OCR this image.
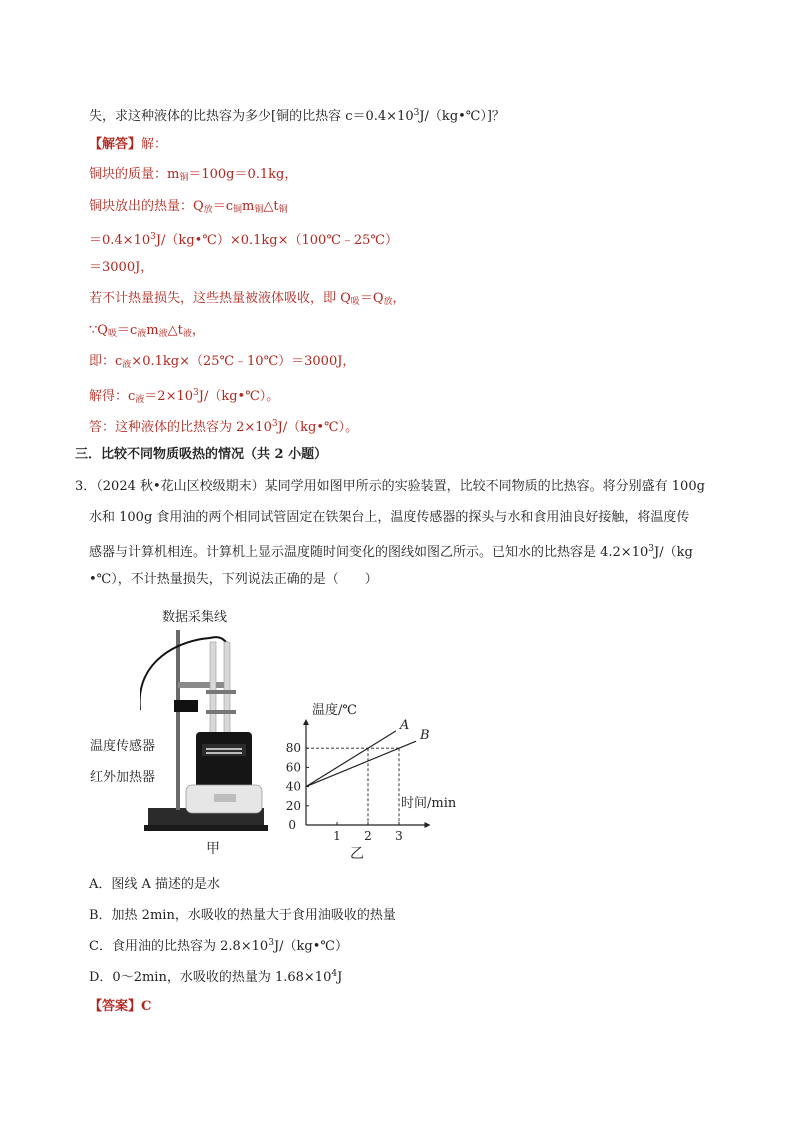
失，求这种液体的比热容为多少[铜的比热容 $c=0.4\times 10^3J/(kg•℃)$]？
【解答】解：
铜块的质量：$m_铜=100g=0.1kg$，
铜块放出的热量：$Q_放=c_铜m_铜\triangle t_铜$
$=0.4\times 10^3J/(kg•℃)\times 0.1kg\times(100℃﹣25℃)$
＝3000J，
若不计热量损失，这些热量被液体吸收，即 $Q_吸=Q_放$，
$\because Q_吸=c_液m_液\triangle t_液$，
即：$c_液\times 0.1kg\times(25℃﹣10℃)=3000J$，
解得：$c_液=2\times 10^3J/(kg•℃)$。
答：这种液体的比热容为 $2\times 10^3J/(kg•℃)$。
三．比较不同物质吸热的情况（共 2 小题）
3．（2024 秋•花山区校级期末）某同学用如图甲所示的实验装置，比较不同物质的比热容。将分别盛有 100g
水和 100g 食用油的两个相同试管固定在铁架台上，温度传感器的探头与水和食用油良好接触，将温度传
感器与计算机相连。计算机上显示温度随时间变化的图线如图乙所示。已知水的比热容是 $4.2\times 10^3J/(kg$
•℃），不计热量损失，下列说法正确的是（　　）
数据采集线
温度传感器
红外加热器
甲
20
40
60
80
1 2 3
0
A
B
温度/℃
时间/min
乙
A．图线 A 描述的是水
B．加热 2min，水吸收的热量大于食用油吸收的热量
C．食用油的比热容为 $2.8\times 10^3J/(kg•℃)$
D．0～2min，水吸收的热量为 $1.68\times 10^4J$
【答案】C
